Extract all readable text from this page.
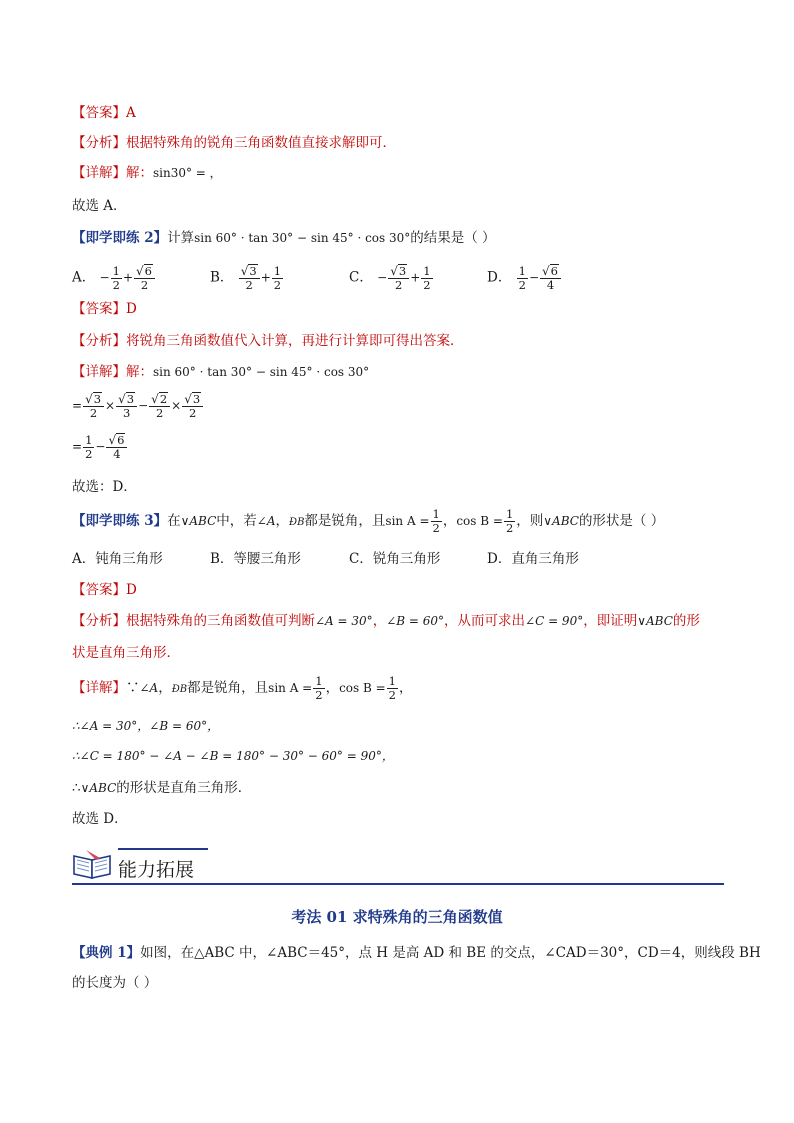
【答案】A
【分析】根据特殊角的锐角三角函数值直接求解即可．
【详解】解：sin30° = ，
故选 A．
【即学即练 2】计算sin 60° · tan 30° − sin 45° · cos 30°的结果是（ ）
A． − $\frac{1}{2} + \frac{√6}{2}$	B． $\frac{√3}{2} + \frac{1}{2}$	C． − $\frac{√3}{2} + \frac{1}{2}$	D． $\frac{1}{2} - \frac{√6}{4}$
【答案】D
【分析】将锐角三角函数值代入计算，再进行计算即可得出答案．
【详解】解：sin 60° · tan 30° − sin 45° · cos 30°
= $\frac{√3}{2} \times \frac{√3}{3} - \frac{√2}{2} \times \frac{√3}{2}$
= $\frac{1}{2} - \frac{√6}{4}$
故选：D．
【即学即练 3】在∨ABC中，若∠A，ĐB都是锐角，且$\sin A = \frac{1}{2}$ ，$\cos B = \frac{1}{2}$ ，则∨ABC的形状是（ ）
A．钝角三角形	B．等腰三角形	C．锐角三角形	D．直角三角形
【答案】D
【分析】根据特殊角的三角函数值可判断∠A = 30°，∠B = 60°，从而可求出∠C = 90°，即证明∨ABC的形
状是直角三角形．
【详解】∵∠A，ĐB都是锐角，且$\sin A = \frac{1}{2}$ ，$\cos B = \frac{1}{2}$ ，
∴∠A = 30°，∠B = 60°，
∴∠C = 180° − ∠A − ∠B = 180° − 30° − 60° = 90°，
∴∨ABC的形状是直角三角形．
故选 D．
能力拓展
考法 01 求特殊角的三角函数值
【典例 1】如图，在△ABC 中，∠ABC＝45°，点 H 是高 AD 和 BE 的交点，∠CAD＝30°，CD＝4，则线段 BH
的长度为（ ）
